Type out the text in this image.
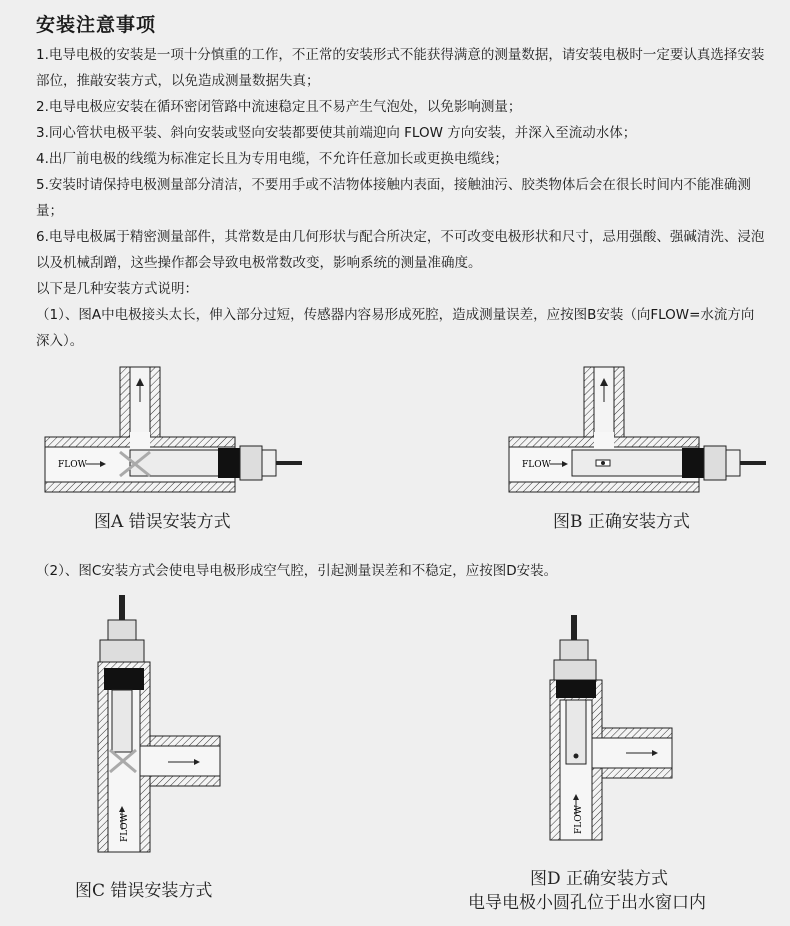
安装注意事项
1.电导电极的安装是一项十分慎重的工作，不正常的安装形式不能获得满意的测量数据，请安装电极时一定要认真选择安装部位，推敲安装方式，以免造成测量数据失真；
2.电导电极应安装在循环密闭管路中流速稳定且不易产生气泡处，以免影响测量；
3.同心管状电极平装、斜向安装或竖向安装都要使其前端迎向 FLOW 方向安装，并深入至流动水体；
4.出厂前电极的线缆为标准定长且为专用电缆，不允许任意加长或更换电缆线；
5.安装时请保持电极测量部分清洁，不要用手或不洁物体接触内表面，接触油污、胶类物体后会在很长时间内不能准确测量；
6.电导电极属于精密测量部件，其常数是由几何形状与配合所决定，不可改变电极形状和尺寸，忌用强酸、强碱清洗、浸泡以及机械刮蹭，这些操作都会导致电极常数改变，影响系统的测量准确度。
以下是几种安装方式说明：
（1）、图A中电极接头太长，伸入部分过短，传感器内容易形成死腔，造成测量误差，应按图B安装（向FLOW=水流方向深入）。
（2）、图C安装方式会使电导电极形成空气腔，引起测量误差和不稳定，应按图D安装。
FLOW
图A 错误安装方式
FLOW
图B 正确安装方式
FLOW
图C 错误安装方式
FLOW
图D 正确安装方式
电导电极小圆孔位于出水窗口内
